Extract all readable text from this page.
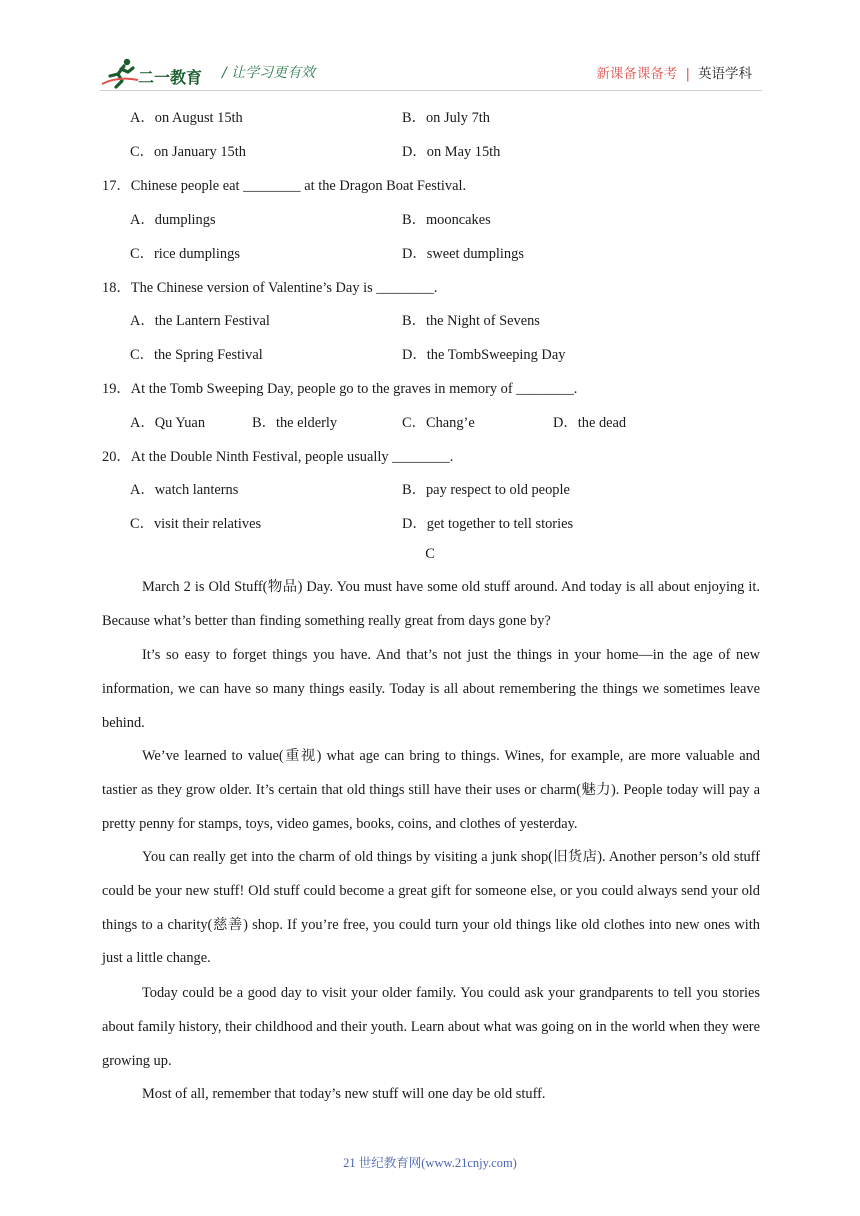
二一教育 / 让学习更有效	新课备课备考 | 英语学科
A．on August 15th	B．on July 7th
C．on January 15th	D．on May 15th
17．Chinese people eat ________ at the Dragon Boat Festival.
A．dumplings	B．mooncakes
C．rice dumplings	D．sweet dumplings
18．The Chinese version of Valentine’s Day is ________.
A．the Lantern Festival	B．the Night of Sevens
C．the Spring Festival	D．the TombSweeping Day
19．At the Tomb Sweeping Day, people go to the graves in memory of ________.
A．Qu Yuan	B．the elderly	C．Chang’e	D．the dead
20．At the Double Ninth Festival, people usually ________.
A．watch lanterns	B．pay respect to old people
C．visit their relatives	D．get together to tell stories
C
March 2 is Old Stuff(物品) Day. You must have some old stuff around. And today is all about enjoying it. Because what’s better than finding something really great from days gone by?
It’s so easy to forget things you have. And that’s not just the things in your home—in the age of new information, we can have so many things easily. Today is all about remembering the things we sometimes leave behind.
We’ve learned to value(重视) what age can bring to things. Wines, for example, are more valuable and tastier as they grow older. It’s certain that old things still have their uses or charm(魅力). People today will pay a pretty penny for stamps, toys, video games, books, coins, and clothes of yesterday.
You can really get into the charm of old things by visiting a junk shop(旧货店). Another person’s old stuff could be your new stuff! Old stuff could become a great gift for someone else, or you could always send your old things to a charity(慈善) shop. If you’re free, you could turn your old things like old clothes into new ones with just a little change.
Today could be a good day to visit your older family. You could ask your grandparents to tell you stories about family history, their childhood and their youth. Learn about what was going on in the world when they were growing up.
Most of all, remember that today’s new stuff will one day be old stuff.
21 世纪教育网(www.21cnjy.com)
